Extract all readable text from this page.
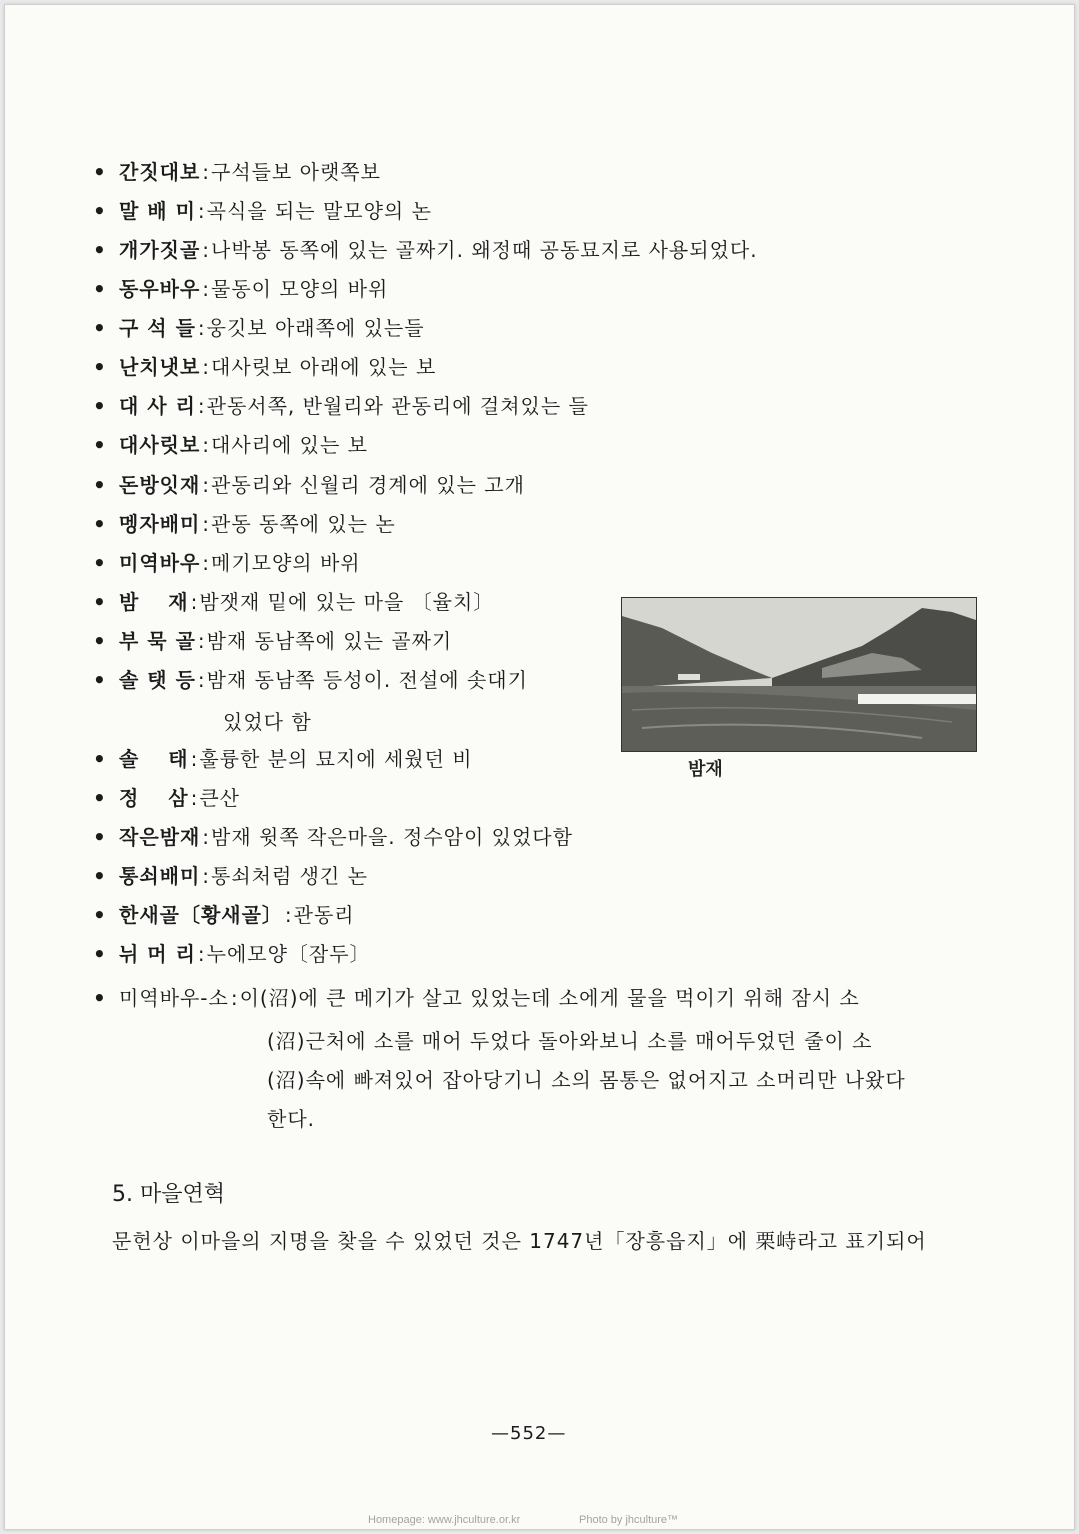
• 간짓대보 : 구석들보 아랫쪽보
• 말 배 미 : 곡식을 되는 말모양의 논
• 개가짓골 : 나박봉 동쪽에 있는 골짜기. 왜정때 공동묘지로 사용되었다.
• 동우바우 : 물동이 모양의 바위
• 구 석 들 : 웅깃보 아래쪽에 있는들
• 난치냇보 : 대사릿보 아래에 있는 보
• 대 사 리 : 관동서쪽, 반월리와 관동리에 걸쳐있는 들
• 대사릿보 : 대사리에 있는 보
• 돈방잇재 : 관동리와 신월리 경계에 있는 고개
• 멩자배미 : 관동 동쪽에 있는 논
• 미역바우 : 메기모양의 바위
• 밤　 재 : 밤잿재 밑에 있는 마을 〔율치〕
• 부 묵 골 : 밤재 동남쪽에 있는 골짜기
• 솔 탯 등 : 밤재 동남쪽 등성이. 전설에 솟대기
있었다 함
• 솔　 태 : 훌륭한 분의 묘지에 세웠던 비
• 정　 삼 : 큰산
• 작은밤재 : 밤재 윗쪽 작은마을. 정수암이 있었다함
• 통쇠배미 : 통쇠처럼 생긴 논
• 한새골〔황새골〕 : 관동리
• 뉘 머 리 : 누에모양〔잠두〕
• 미역바우-소 : 이(沼)에 큰 메기가 살고 있었는데 소에게 물을 먹이기 위해 잠시 소
(沼)근처에 소를 매어 두었다 돌아와보니 소를 매어두었던 줄이 소
(沼)속에 빠져있어 잡아당기니 소의 몸통은 없어지고 소머리만 나왔다
한다.
밤재
5. 마을연혁
문헌상 이마을의 지명을 찾을 수 있었던 것은 1747년「장흥읍지」에 栗峙라고 표기되어
—552—
Homepage: www.jhculture.or.kr	Photo by jhculture™
